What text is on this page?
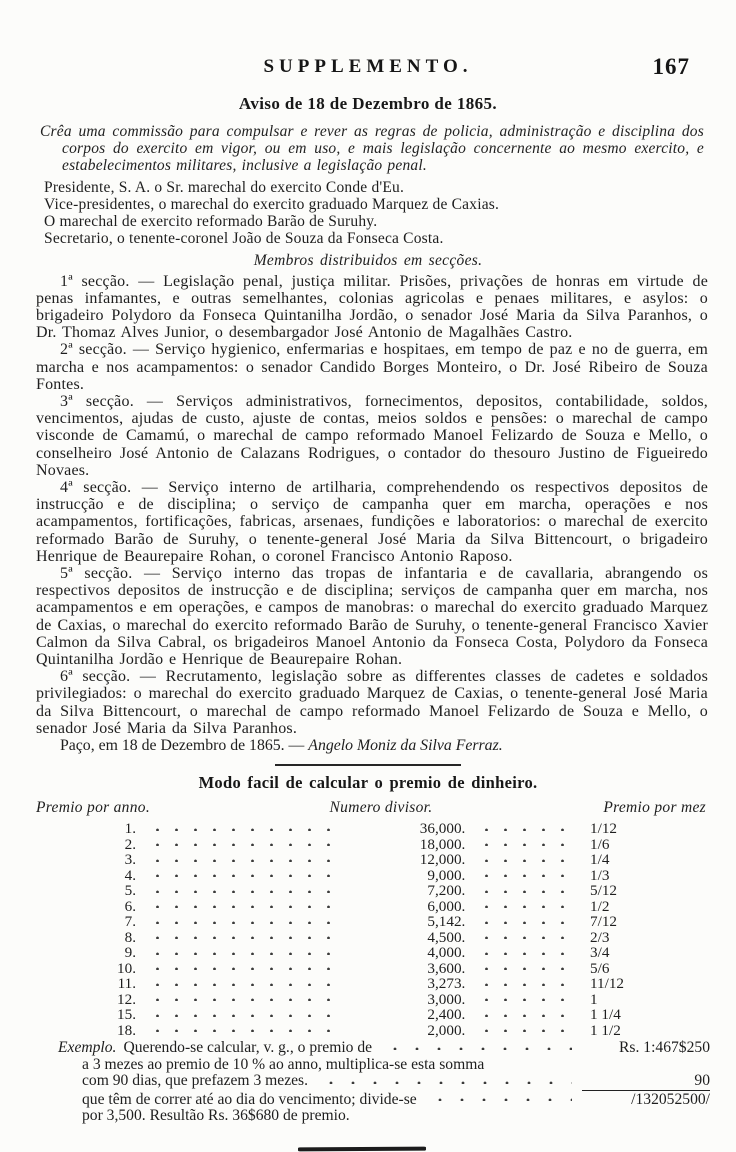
SUPPLEMENTO.	167
Aviso de 18 de Dezembro de 1865.

Crêa uma commissão para compulsar e rever as regras de policia, administração e disciplina dos corpos do exercito em vigor, ou em uso, e mais legislação concernente ao mesmo exercito, e estabelecimentos militares, inclusive a legislação penal.

Presidente, S. A. o Sr. marechal do exercito Conde d'Eu.

Vice-presidentes, o marechal do exercito graduado Marquez de Caxias.

O marechal de exercito reformado Barão de Suruhy.

Secretario, o tenente-coronel João de Souza da Fonseca Costa.

Membros distribuidos em secções.

1ª secção. — Legislação penal, justiça militar. Prisões, privações de honras em virtude de penas infamantes, e outras semelhantes, colonias agricolas e penaes militares, e asylos: o brigadeiro Polydoro da Fonseca Quintanilha Jordão, o senador José Maria da Silva Paranhos, o Dr. Thomaz Alves Junior, o desembargador José Antonio de Magalhães Castro.

2ª secção. — Serviço hygienico, enfermarias e hospitaes, em tempo de paz e no de guerra, em marcha e nos acampamentos: o senador Candido Borges Monteiro, o Dr. José Ribeiro de Souza Fontes.

3ª secção. — Serviços administrativos, fornecimentos, depositos, contabilidade, soldos, vencimentos, ajudas de custo, ajuste de contas, meios soldos e pensões: o marechal de campo visconde de Camamú, o marechal de campo reformado Manoel Felizardo de Souza e Mello, o conselheiro José Antonio de Calazans Rodrigues, o contador do thesouro Justino de Figueiredo Novaes.

4ª secção. — Serviço interno de artilharia, comprehendendo os respectivos depositos de instrucção e de disciplina; o serviço de campanha quer em marcha, operações e nos acampamentos, fortificações, fabricas, arsenaes, fundições e laboratorios: o marechal de exercito reformado Barão de Suruhy, o tenente-general José Maria da Silva Bittencourt, o brigadeiro Henrique de Beaurepaire Rohan, o coronel Francisco Antonio Raposo.

5ª secção. — Serviço interno das tropas de infantaria e de cavallaria, abrangendo os respectivos depositos de instrucção e de disciplina; serviços de campanha quer em marcha, nos acampamentos e em operações, e campos de manobras: o marechal do exercito graduado Marquez de Caxias, o marechal do exercito reformado Barão de Suruhy, o tenente-general Francisco Xavier Calmon da Silva Cabral, os brigadeiros Manoel Antonio da Fonseca Costa, Polydoro da Fonseca Quintanilha Jordão e Henrique de Beaurepaire Rohan.

6ª secção. — Recrutamento, legislação sobre as differentes classes de cadetes e soldados privilegiados: o marechal do exercito graduado Marquez de Caxias, o tenente-general José Maria da Silva Bittencourt, o marechal de campo reformado Manoel Felizardo de Souza e Mello, o senador José Maria da Silva Paranhos.

Paço, em 18 de Dezembro de 1865. — Angelo Moniz da Silva Ferraz.

Modo facil de calcular o premio de dinheiro.
Premio por anno.	Numero divisor.	Premio por mez
1.	36,000.	1/12
2.	18,000.	1/6
3.	12,000.	1/4
4.	9,000.	1/3
5.	7,200.	5/12
6.	6,000.	1/2
7.	5,142.	7/12
8.	4,500.	2/3
9.	4,000.	3/4
10.	3,600.	5/6
11.	3,273.	11/12
12.	3,000.	1
15.	2,400.	1 1/4
18.	2,000.	1 1/2

Exemplo. Querendo-se calcular, v. g., o premio de	Rs. 1:467$250

a 3 mezes ao premio de 10 % ao anno, multiplica-se esta somma

com 90 dias, que prefazem 3 mezes.	90

que têm de correr até ao dia do vencimento; divide-se	/132052500/

por 3,500. Resultão Rs. 36$680 de premio.
